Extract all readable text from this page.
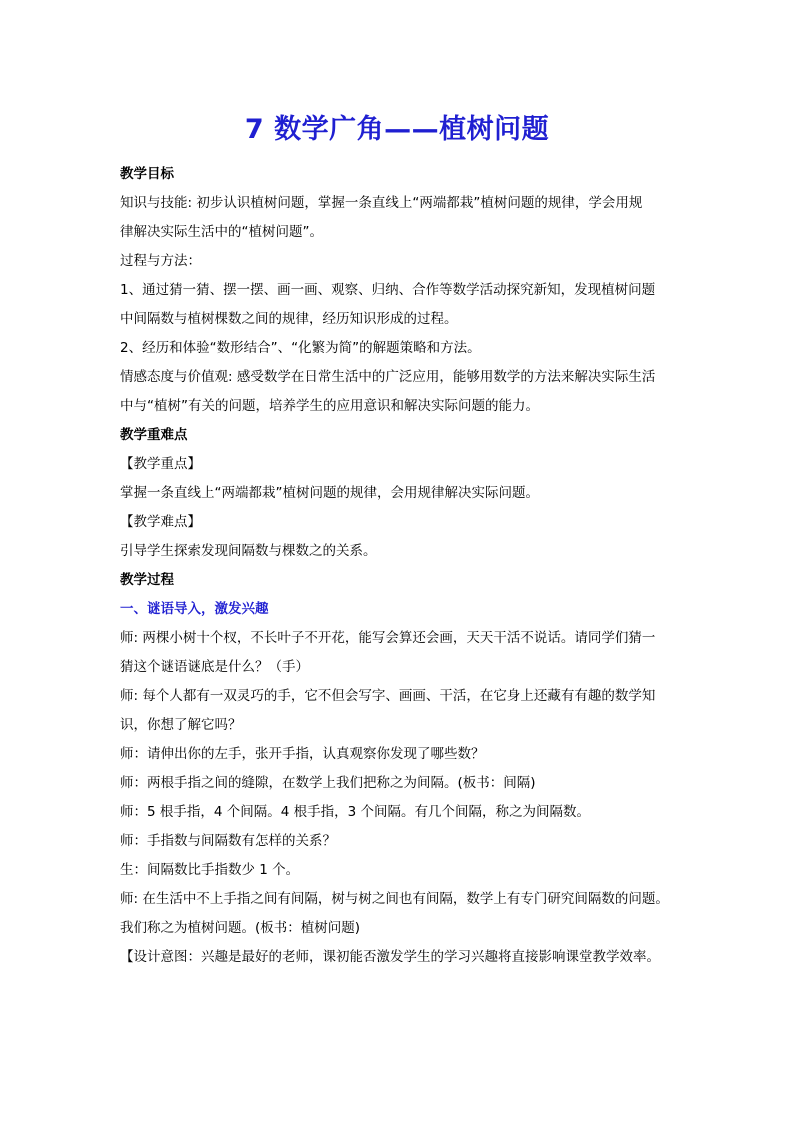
7 数学广角——植树问题
教学目标
知识与技能: 初步认识植树问题，掌握一条直线上“两端都栽”植树问题的规律，学会用规
律解决实际生活中的“植树问题”。
过程与方法：
1、通过猜一猜、摆一摆、画一画、观察、归纳、合作等数学活动探究新知，发现植树问题
中间隔数与植树棵数之间的规律，经历知识形成的过程。
2、经历和体验“数形结合”、“化繁为简”的解题策略和方法。
情感态度与价值观: 感受数学在日常生活中的广泛应用，能够用数学的方法来解决实际生活
中与“植树”有关的问题，培养学生的应用意识和解决实际问题的能力。
教学重难点
【教学重点】
掌握一条直线上“两端都栽”植树问题的规律，会用规律解决实际问题。
【教学难点】
引导学生探索发现间隔数与棵数之的关系。
教学过程
一、谜语导入，激发兴趣
师: 两棵小树十个杈，不长叶子不开花，能写会算还会画，天天干活不说话。请同学们猜一
猜这个谜语谜底是什么？（手）
师: 每个人都有一双灵巧的手，它不但会写字、画画、干活，在它身上还藏有有趣的数学知
识，你想了解它吗？
师：请伸出你的左手，张开手指，认真观察你发现了哪些数？
师：两根手指之间的缝隙，在数学上我们把称之为间隔。(板书：间隔)
师：5 根手指，4 个间隔。4 根手指，3 个间隔。有几个间隔，称之为间隔数。
师：手指数与间隔数有怎样的关系？
生：间隔数比手指数少 1 个。
师: 在生活中不上手指之间有间隔，树与树之间也有间隔，数学上有专门研究间隔数的问题。
我们称之为植树问题。(板书：植树问题)
【设计意图：兴趣是最好的老师，课初能否激发学生的学习兴趣将直接影响课堂教学效率。
